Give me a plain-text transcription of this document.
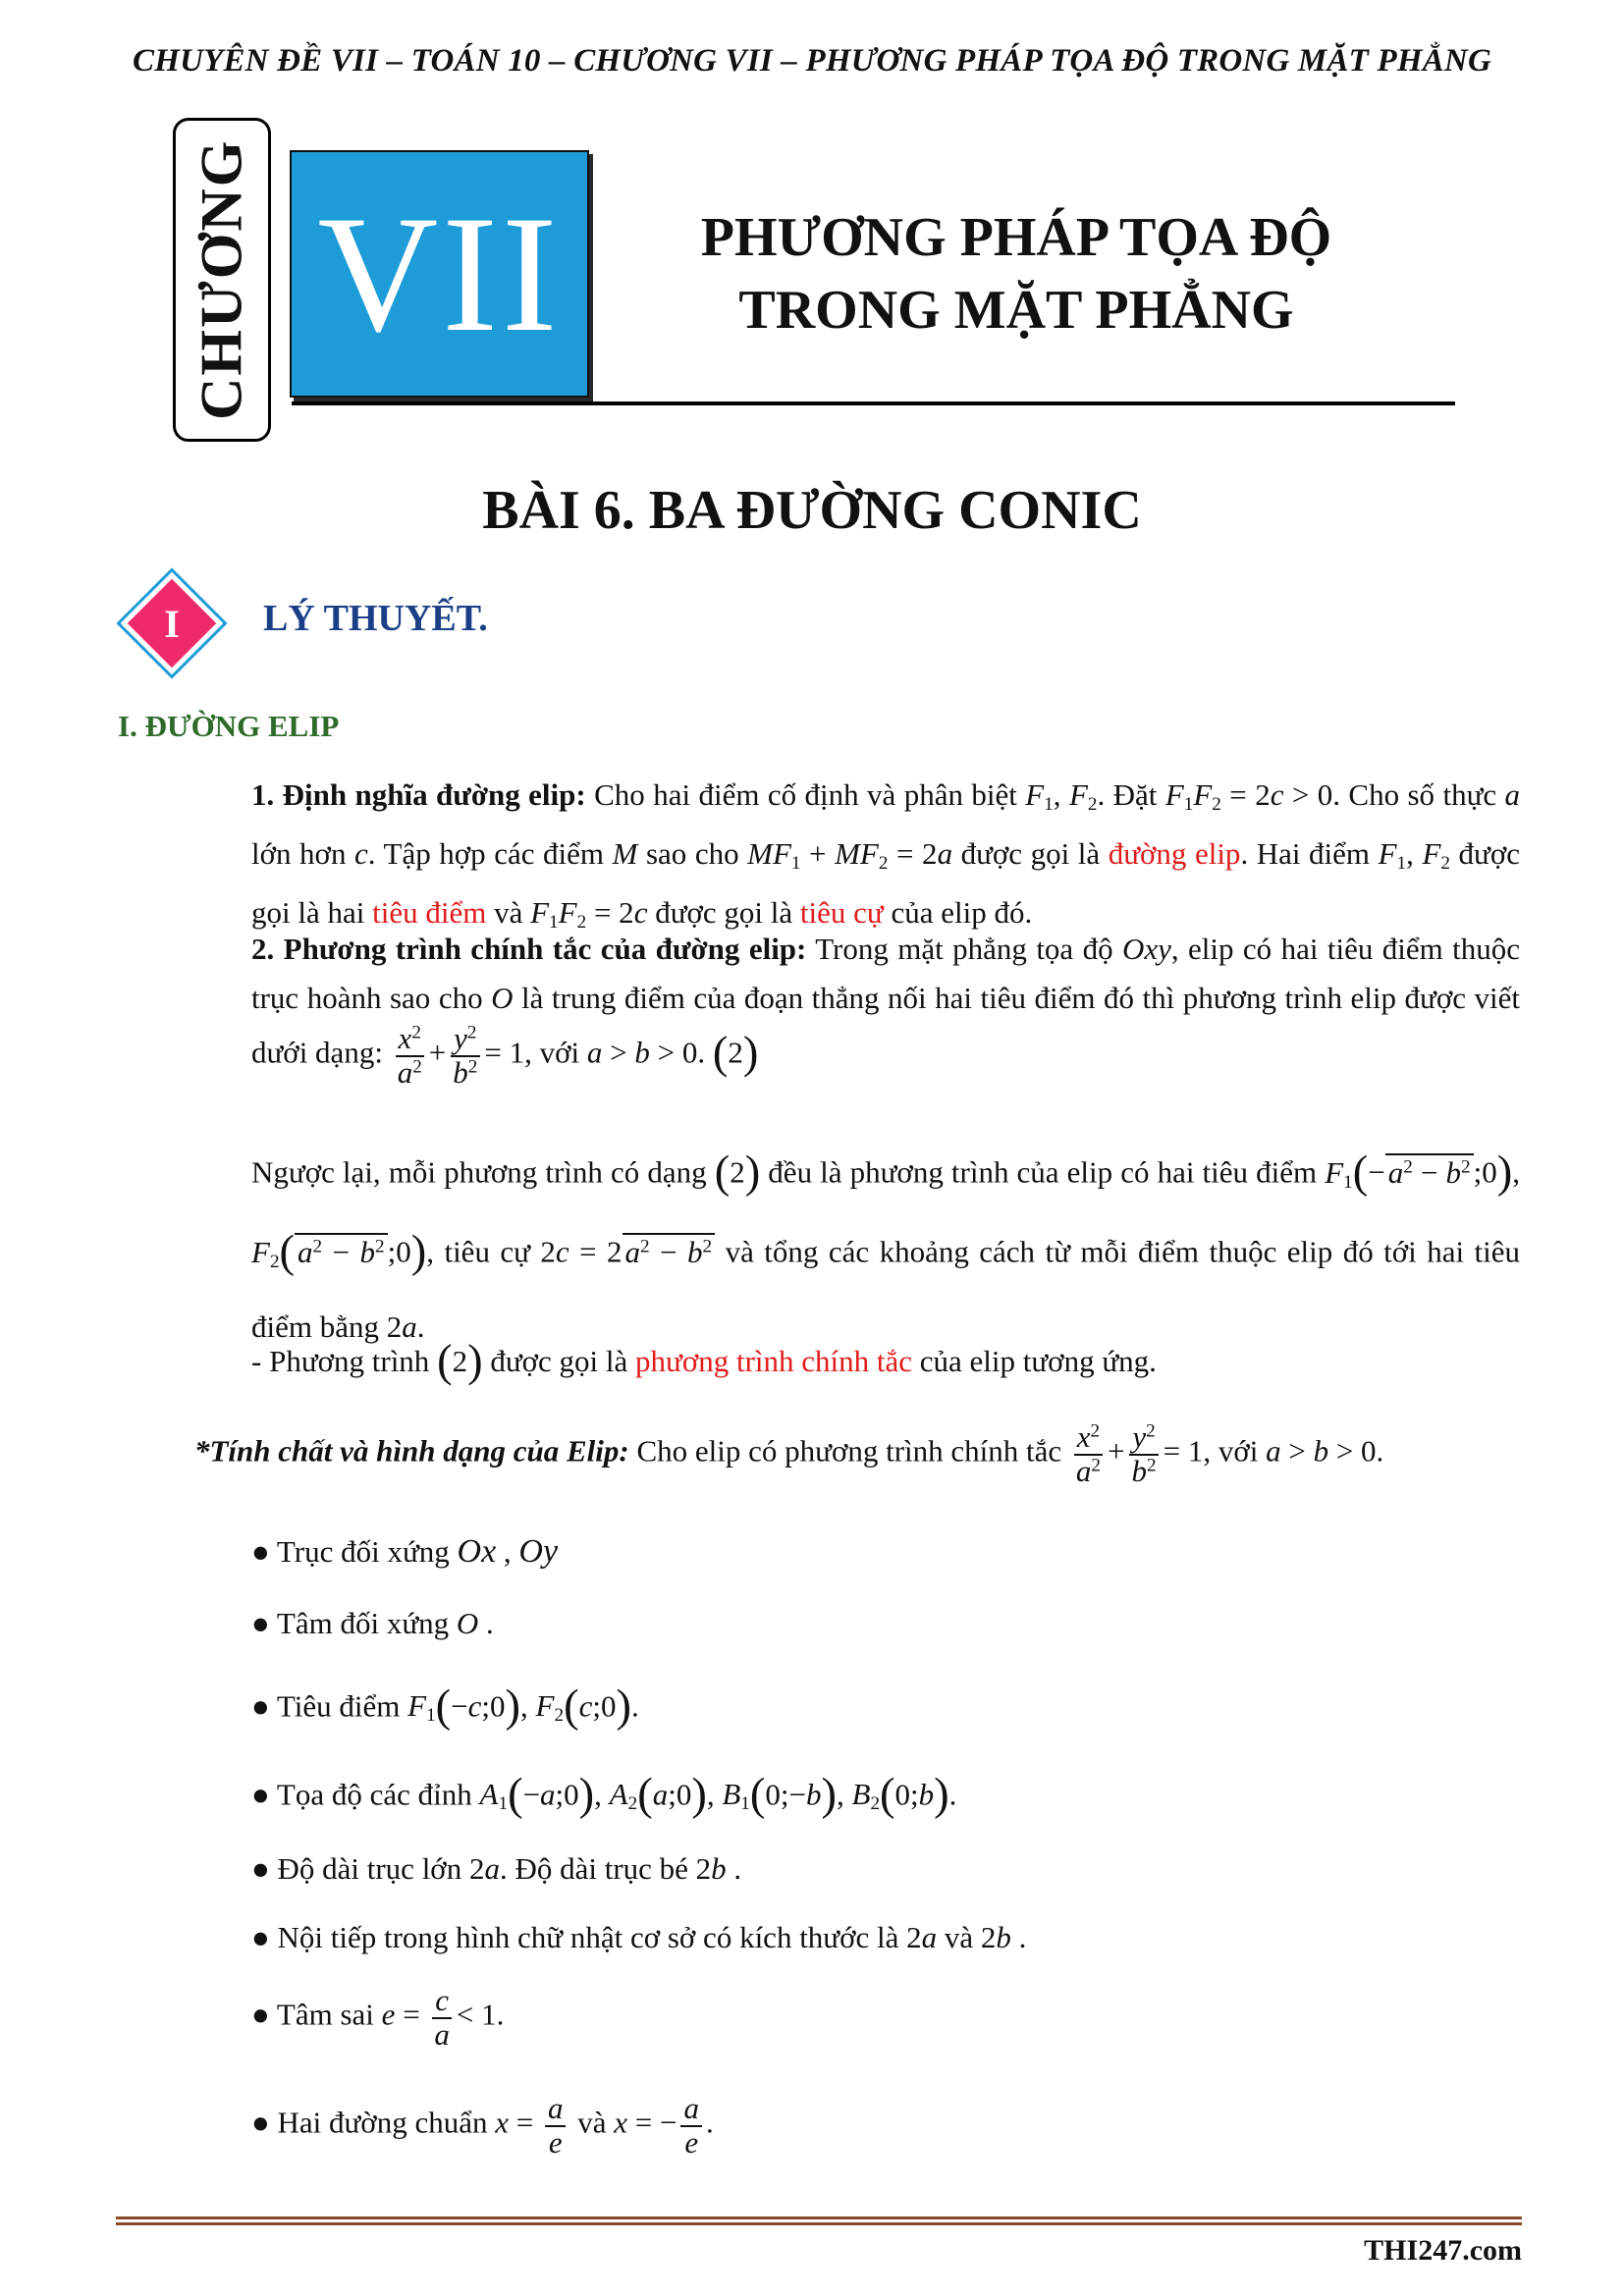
CHUYÊN ĐỀ VII – TOÁN 10 – CHƯƠNG VII – PHƯƠNG PHÁP TỌA ĐỘ TRONG MẶT PHẲNG
CHƯƠNG VII	PHƯƠNG PHÁP TỌA ĐỘ
TRONG MẶT PHẲNG
BÀI 6. BA ĐƯỜNG CONIC
I	LÝ THUYẾT.
I. ĐƯỜNG ELIP
1. Định nghĩa đường elip: Cho hai điểm cố định và phân biệt $F_1$, $F_2$. Đặt $F_1F_2 = 2c > 0$. Cho số thực a lớn hơn c. Tập hợp các điểm M sao cho $MF_1 + MF_2 = 2a$ được gọi là đường elip. Hai điểm $F_1$, $F_2$ được gọi là hai tiêu điểm và $F_1F_2 = 2c$ được gọi là tiêu cự của elip đó.
2. Phương trình chính tắc của đường elip: Trong mặt phẳng tọa độ Oxy, elip có hai tiêu điểm thuộc trục hoành sao cho O là trung điểm của đoạn thẳng nối hai tiêu điểm đó thì phương trình elip được viết dưới dạng: $\frac{x^2}{a^2} + \frac{y^2}{b^2} = 1$, với a > b > 0. (2)
Ngược lại, mỗi phương trình có dạng (2) đều là phương trình của elip có hai tiêu điểm $F_1(-a^2$ − $b^2;0$), $F_2(a^2$ − $b^2;0$), tiêu cự $2c = 2a^2 - b^2$ và tổng các khoảng cách từ mỗi điểm thuộc elip đó tới hai tiêu điểm bằng 2a.
- Phương trình (2) được gọi là phương trình chính tắc của elip tương ứng.
*Tính chất và hình dạng của Elip: Cho elip có phương trình chính tắc $\frac{x^2}{a^2} + \frac{y^2}{b^2} = 1$, với a > b > 0.
● Trục đối xứng Ox , Oy
● Tâm đối xứng O .
● Tiêu điểm $F_1(-c;0)$, $F_2(c;0)$.
● Tọa độ các đỉnh $A_1(-a;0)$, $A_2(a;0)$, $B_1(0;-b)$, $B_2(0;b)$.
● Độ dài trục lớn 2a. Độ dài trục bé 2b .
● Nội tiếp trong hình chữ nhật cơ sở có kích thước là 2a và 2b .
● Tâm sai $e = \frac{c}{a} < 1$.
● Hai đường chuẩn $x = \frac{a}{e}$ và x = − $\frac{a}{e}$ .
THI247.com
